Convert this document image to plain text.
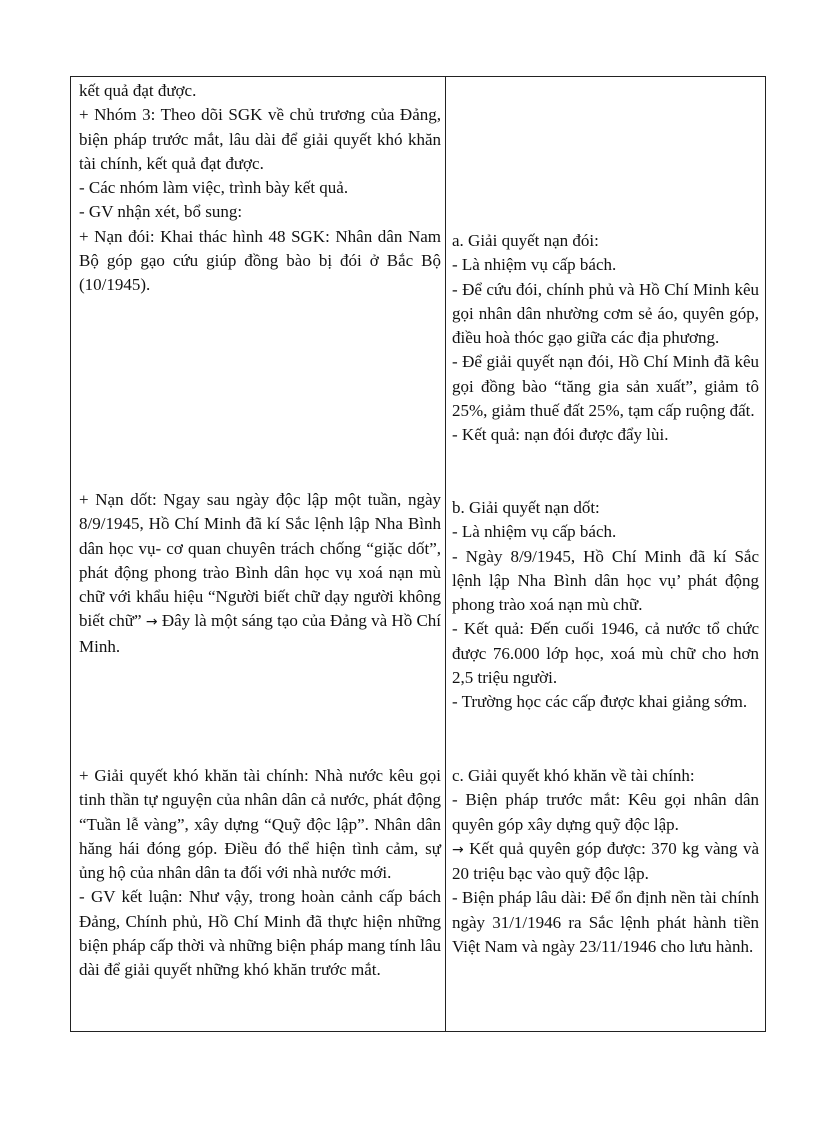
kết quả đạt được.

+ Nhóm 3: Theo dõi SGK về chủ trương của Đảng, biện pháp trước mắt, lâu dài để giải quyết khó khăn tài chính, kết quả đạt được.

- Các nhóm làm việc, trình bày kết quả.

- GV nhận xét, bổ sung:

+ Nạn đói: Khai thác hình 48 SGK: Nhân dân Nam Bộ góp gạo cứu giúp đồng bào bị đói ở Bắc Bộ (10/1945).

+ Nạn dốt: Ngay sau ngày độc lập một tuần, ngày 8/9/1945, Hồ Chí Minh đã kí Sắc lệnh lập Nha Bình dân học vụ- cơ quan chuyên trách chống “giặc dốt”, phát động phong trào Bình dân học vụ xoá nạn mù chữ với khẩu hiệu “Người biết chữ dạy người không biết chữ” → Đây là một sáng tạo của Đảng và Hồ Chí Minh.

+ Giải quyết khó khăn tài chính: Nhà nước kêu gọi tinh thần tự nguyện của nhân dân cả nước, phát động “Tuần lễ vàng”, xây dựng “Quỹ độc lập”. Nhân dân hăng hái đóng góp. Điều đó thể hiện tình cảm, sự ủng hộ của nhân dân ta đối với nhà nước mới.

- GV kết luận: Như vậy, trong hoàn cảnh cấp bách Đảng, Chính phủ, Hồ Chí Minh đã thực hiện những biện pháp cấp thời và những biện pháp mang tính lâu dài để giải quyết những khó khăn trước mắt.

a. Giải quyết nạn đói:

- Là nhiệm vụ cấp bách.

- Để cứu đói, chính phủ và Hồ Chí Minh kêu gọi nhân dân nhường cơm sẻ áo, quyên góp, điều hoà thóc gạo giữa các địa phương.

- Để giải quyết nạn đói, Hồ Chí Minh đã kêu gọi đồng bào “tăng gia sản xuất”, giảm tô 25%, giảm thuế đất 25%, tạm cấp ruộng đất.

- Kết quả: nạn đói được đẩy lùi.

b. Giải quyết nạn dốt:

- Là nhiệm vụ cấp bách.

- Ngày 8/9/1945, Hồ Chí Minh đã kí Sắc lệnh lập Nha Bình dân học vụ’ phát động phong trào xoá nạn mù chữ.

- Kết quả: Đến cuối 1946, cả nước tổ chức được 76.000 lớp học, xoá mù chữ cho hơn 2,5 triệu người.

- Trường học các cấp được khai giảng sớm.

c. Giải quyết khó khăn về tài chính:

- Biện pháp trước mắt: Kêu gọi nhân dân quyên góp xây dựng quỹ độc lập.

→ Kết quả quyên góp được: 370 kg vàng và 20 triệu bạc vào quỹ độc lập.

- Biện pháp lâu dài: Để ổn định nền tài chính ngày 31/1/1946 ra Sắc lệnh phát hành tiền Việt Nam và ngày 23/11/1946 cho lưu hành.
